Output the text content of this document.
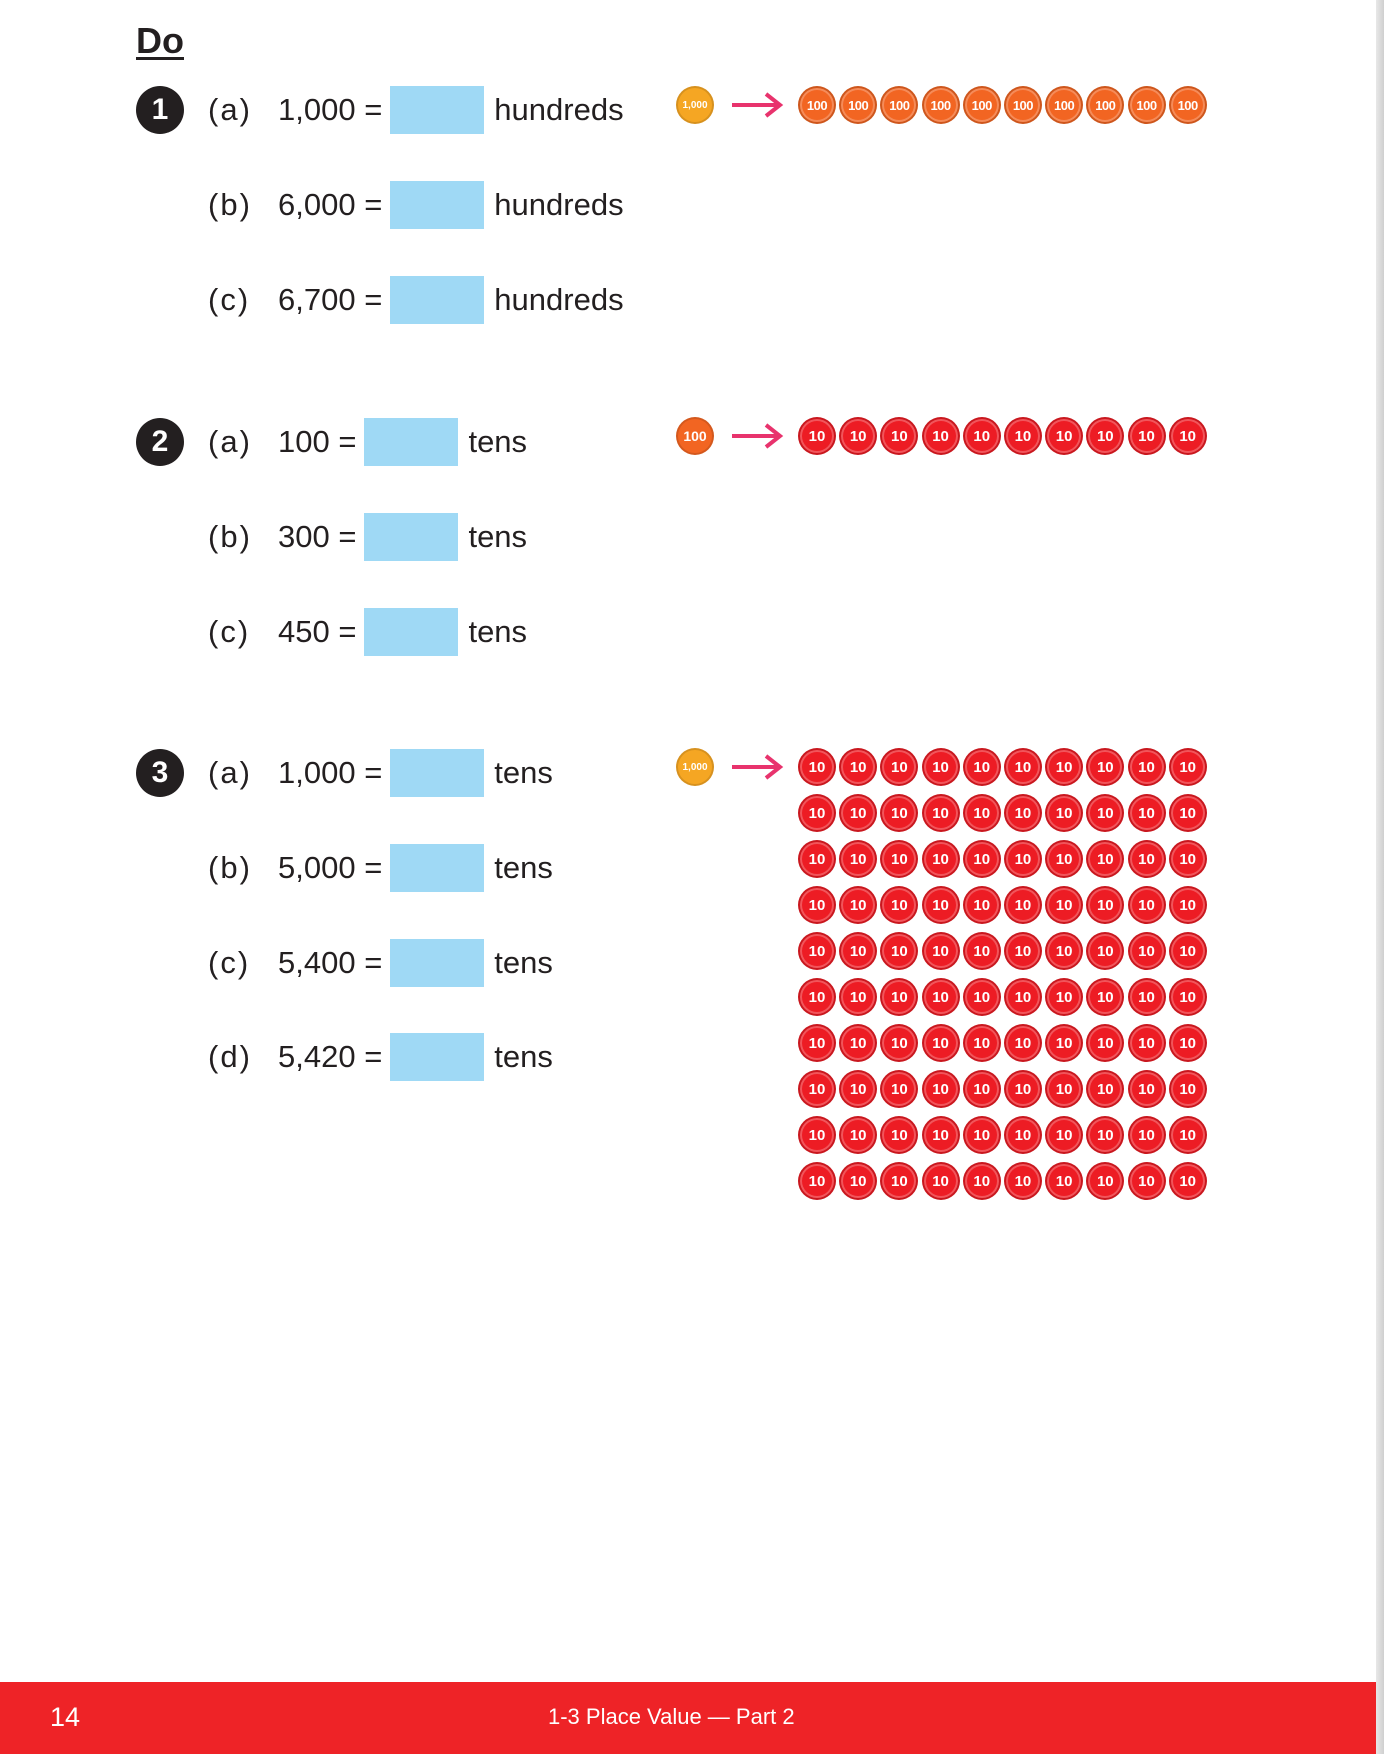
Do
1	(a) 1,000 =	hundreds
(b) 6,000 =	hundreds
(c) 6,700 =	hundreds
1,000	100	100	100	100	100	100	100	100	100	100
2	(a) 100 =	tens
(b) 300 =	tens
(c) 450 =	tens
100	10	10	10	10	10	10	10	10	10	10
3	(a) 1,000 =	tens
(b) 5,000 =	tens
(c) 5,400 =	tens
(d) 5,420 =	tens
1,000	10	10	10	10	10	10	10	10	10	10
10	10	10	10	10	10	10	10	10	10
10	10	10	10	10	10	10	10	10	10
10	10	10	10	10	10	10	10	10	10
10	10	10	10	10	10	10	10	10	10
10	10	10	10	10	10	10	10	10	10
10	10	10	10	10	10	10	10	10	10
10	10	10	10	10	10	10	10	10	10
10	10	10	10	10	10	10	10	10	10
10	10	10	10	10	10	10	10	10	10
14	1-3 Place Value — Part 2
